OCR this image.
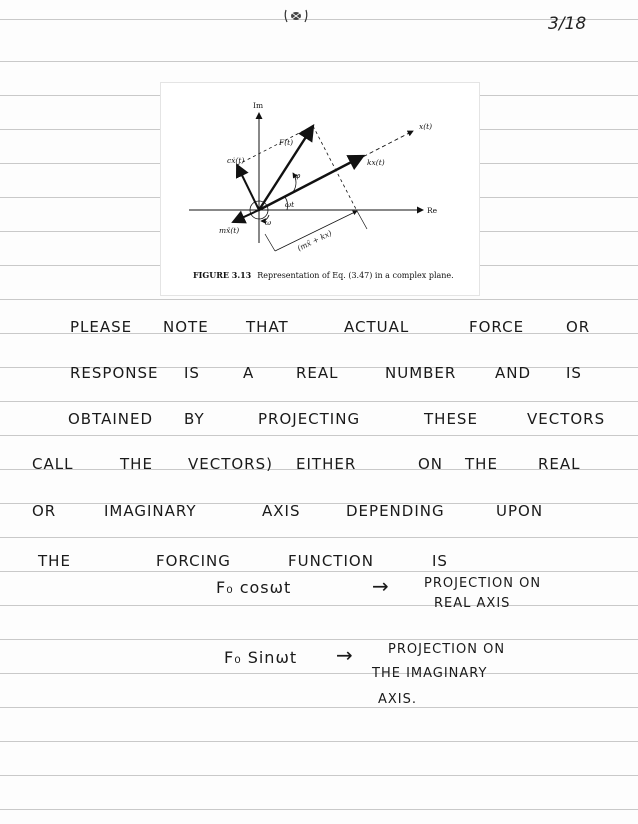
3/18
Im
Re
x(t)
F(t)
cẋ(t)	kx(t)
φ
ωt
ω
mẍ(t)	(mẍ + kx)
FIGURE 3.13 Representation of Eq. (3.47) in a complex plane.
PLEASE NOTE THAT	ACTUAL	FORCE	OR
RESPONSE IS	A	REAL	NUMBER	AND IS
OBTAINED BY	PROJECTING	THESE	VECTORS
CALL	THE VECTORS) EITHER	ON THE	REAL
OR	IMAGINARY	AXIS	DEPENDING	UPON
THE	FORCING	FUNCTION	IS
F₀ cosωt	→	PROJECTION ON
REAL AXIS
F₀ Sinωt →	PROJECTION ON
THE IMAGINARY
AXIS.
